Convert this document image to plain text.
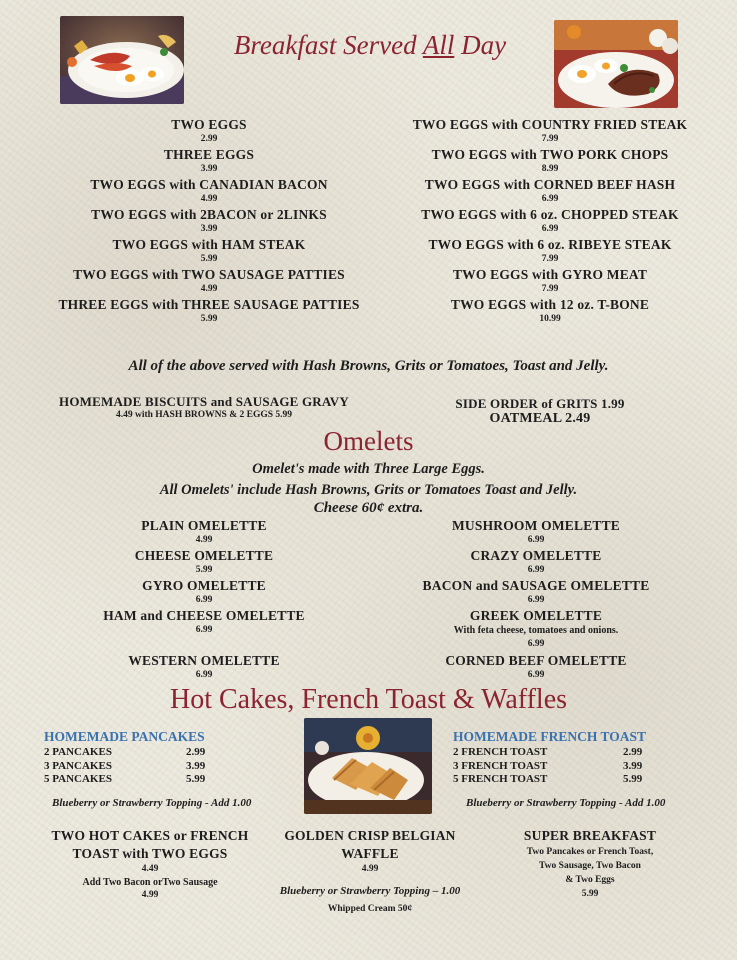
Breakfast Served All Day
All of the above served with Hash Browns, Grits or Tomatoes, Toast and Jelly.
HOMEMADE BISCUITS and SAUSAGE GRAVY
4.49 with HASH BROWNS & 2 EGGS 5.99
SIDE ORDER of GRITS 1.99
OATMEAL 2.49
Omelets
Omelet's made with Three Large Eggs.
All Omelets' include Hash Browns, Grits or Tomatoes Toast and Jelly.
Cheese 60¢ extra.
Hot Cakes, French Toast & Waffles
HOMEMADE PANCAKES
Blueberry or Strawberry Topping - Add 1.00
HOMEMADE FRENCH TOAST
Blueberry or Strawberry Topping - Add 1.00
TWO HOT CAKES or FRENCH
TOAST with TWO EGGS
4.49
Add Two Bacon orTwo Sausage
4.99
GOLDEN CRISP BELGIAN
WAFFLE
4.99
Blueberry or Strawberry Topping – 1.00
Whipped Cream 50¢
SUPER BREAKFAST
Two Pancakes or French Toast,
Two Sausage, Two Bacon
& Two Eggs
5.99
TWO EGGS
2.99
THREE EGGS
3.99
TWO EGGS with CANADIAN BACON
4.99
TWO EGGS with 2BACON or 2LINKS
3.99
TWO EGGS with HAM STEAK
5.99
TWO EGGS with TWO SAUSAGE PATTIES
4.99
THREE EGGS with THREE SAUSAGE PATTIES
5.99
TWO EGGS with COUNTRY FRIED STEAK
7.99
TWO EGGS with TWO PORK CHOPS
8.99
TWO EGGS with CORNED BEEF HASH
6.99
TWO EGGS with 6 oz. CHOPPED STEAK
6.99
TWO EGGS with 6 oz. RIBEYE STEAK
7.99
TWO EGGS with GYRO MEAT
7.99
TWO EGGS with 12 oz. T-BONE
10.99
PLAIN OMELETTE
4.99
CHEESE OMELETTE
5.99
GYRO OMELETTE
6.99
HAM and CHEESE OMELETTE
6.99
WESTERN OMELETTE
6.99
MUSHROOM OMELETTE
6.99
CRAZY OMELETTE
6.99
BACON and SAUSAGE OMELETTE
6.99
GREEK OMELETTE
With feta cheese, tomatoes and onions.
6.99
CORNED BEEF OMELETTE
6.99
2 PANCAKES	2.99
3 PANCAKES	3.99
5 PANCAKES	5.99
2 FRENCH TOAST	2.99
3 FRENCH TOAST	3.99
5 FRENCH TOAST	5.99
